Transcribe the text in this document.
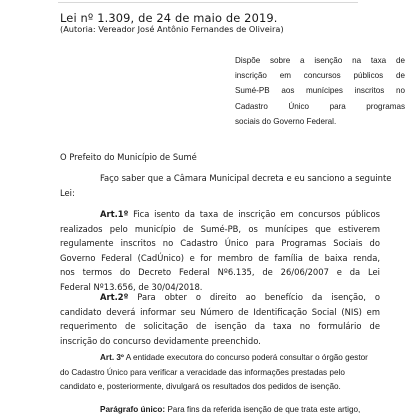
Lei nº 1.309, de 24 de maio de 2019.
(Autoria: Vereador José Antônio Fernandes de Oliveira)
Dispõe sobre a isenção na taxa de
inscrição em concursos públicos de
Sumé-PB aos munícipes inscritos no
Cadastro Único para programas
sociais do Governo Federal.
O Prefeito do Município de Sumé
Faço saber que a Câmara Municipal decreta e eu sanciono a seguinte
Lei:
Art.1º Fica isento da taxa de inscrição em concursos públicos
realizados pelo município de Sumé-PB, os munícipes que estiverem
regulamente inscritos no Cadastro Único para Programas Sociais do
Governo Federal (CadÚnico) e for membro de família de baixa renda,
nos termos do Decreto Federal Nº6.135, de 26/06/2007 e da Lei
Federal Nº13.656, de 30/04/2018.
Art.2º Para obter o direito ao benefício da isenção, o
candidato deverá informar seu Número de Identificação Social (NIS) em
requerimento de solicitação de isenção da taxa no formulário de
inscrição do concurso devidamente preenchido.
Art. 3º A entidade executora do concurso poderá consultar o órgão gestor
do Cadastro Único para verificar a veracidade das informações prestadas pelo
candidato e, posteriormente, divulgará os resultados dos pedidos de isenção.
Parágrafo único: Para fins da referida isenção de que trata este artigo,
